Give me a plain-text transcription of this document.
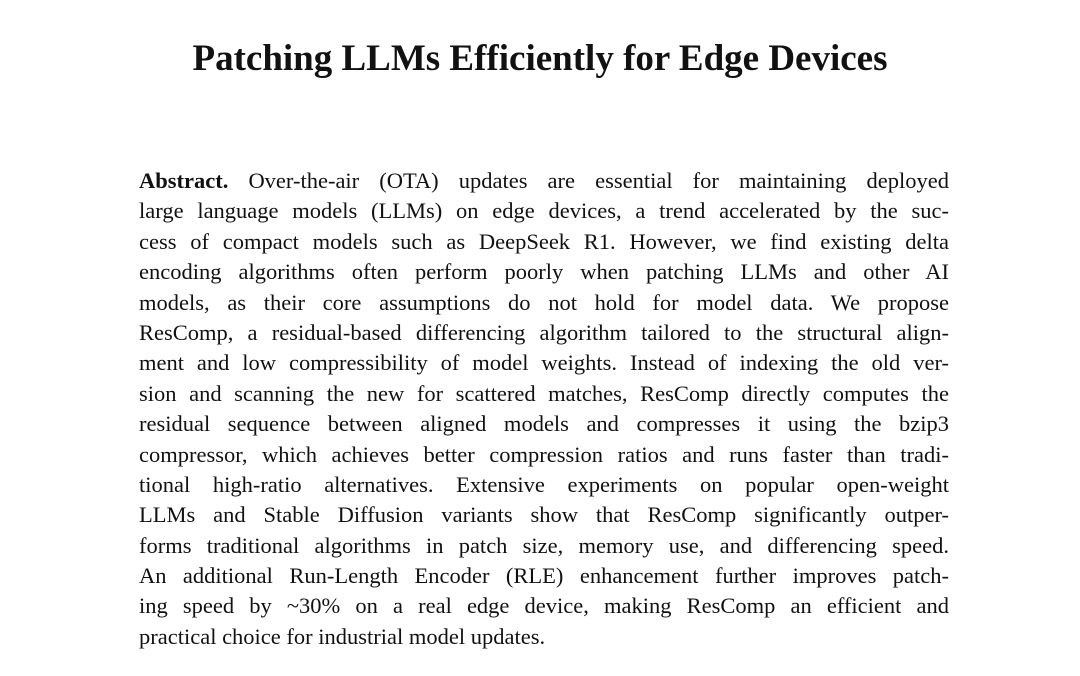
Patching LLMs Efficiently for Edge Devices
Abstract. Over-the-air (OTA) updates are essential for maintaining deployed
large language models (LLMs) on edge devices, a trend accelerated by the suc-
cess of compact models such as DeepSeek R1. However, we find existing delta
encoding algorithms often perform poorly when patching LLMs and other AI
models, as their core assumptions do not hold for model data. We propose
ResComp, a residual-based differencing algorithm tailored to the structural align-
ment and low compressibility of model weights. Instead of indexing the old ver-
sion and scanning the new for scattered matches, ResComp directly computes the
residual sequence between aligned models and compresses it using the bzip3
compressor, which achieves better compression ratios and runs faster than tradi-
tional high-ratio alternatives. Extensive experiments on popular open-weight
LLMs and Stable Diffusion variants show that ResComp significantly outper-
forms traditional algorithms in patch size, memory use, and differencing speed.
An additional Run-Length Encoder (RLE) enhancement further improves patch-
ing speed by ~30% on a real edge device, making ResComp an efficient and
practical choice for industrial model updates.
